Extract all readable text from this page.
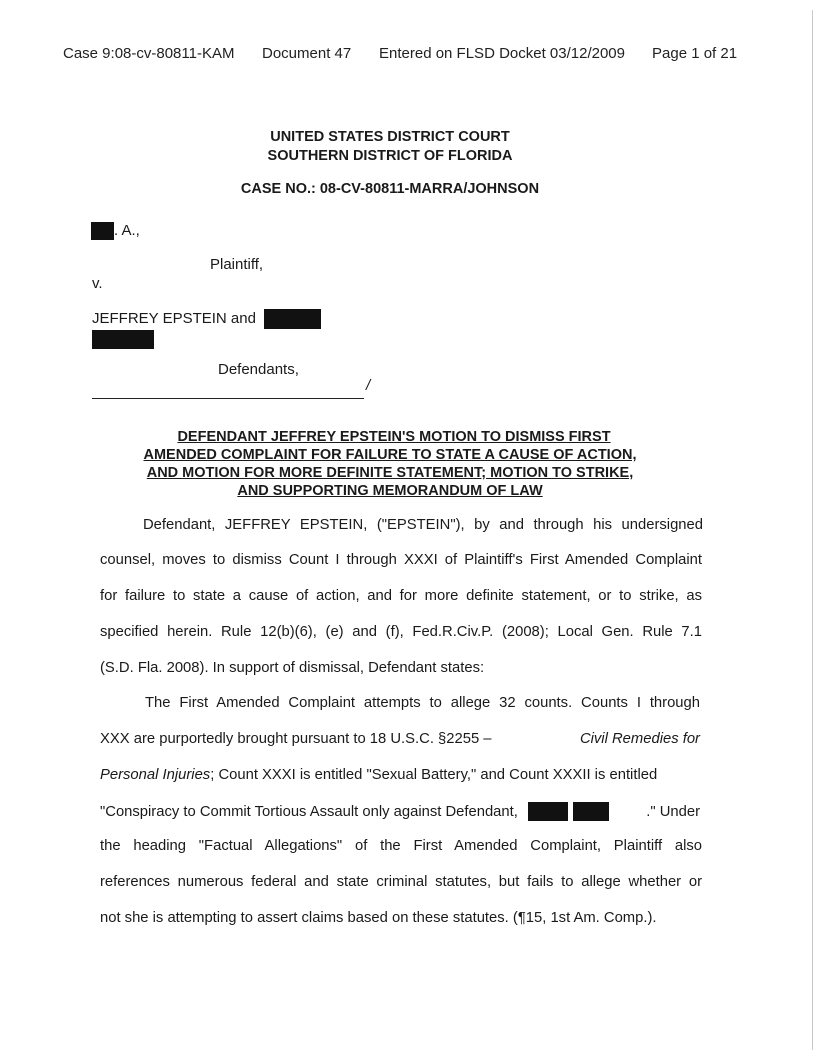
Case 9:08-cv-80811-KAM Document 47 Entered on FLSD Docket 03/12/2009 Page 1 of 21
UNITED STATES DISTRICT COURT
SOUTHERN DISTRICT OF FLORIDA
CASE NO.: 08-CV-80811-MARRA/JOHNSON
. A.,
Plaintiff,
v.
JEFFREY EPSTEIN and
Defendants,
/
DEFENDANT JEFFREY EPSTEIN'S MOTION TO DISMISS FIRST
AMENDED COMPLAINT FOR FAILURE TO STATE A CAUSE OF ACTION,
AND MOTION FOR MORE DEFINITE STATEMENT; MOTION TO STRIKE,
AND SUPPORTING MEMORANDUM OF LAW
Defendant, JEFFREY EPSTEIN, ("EPSTEIN"), by and through his undersigned
counsel, moves to dismiss Count I through XXXI of Plaintiff's First Amended Complaint
for failure to state a cause of action, and for more definite statement, or to strike, as
specified herein. Rule 12(b)(6), (e) and (f), Fed.R.Civ.P. (2008); Local Gen. Rule 7.1
(S.D. Fla. 2008). In support of dismissal, Defendant states:
The First Amended Complaint attempts to allege 32 counts. Counts I through
XXX are purportedly brought pursuant to 18 U.S.C. §2255 –	Civil Remedies for
Personal Injuries ; Count XXXI is entitled "Sexual Battery," and Count XXXII is entitled
"Conspiracy to Commit Tortious Assault only against Defendant,	." Under
the heading "Factual Allegations" of the First Amended Complaint, Plaintiff also
references numerous federal and state criminal statutes, but fails to allege whether or
not she is attempting to assert claims based on these statutes. (¶15, 1st Am. Comp.).
